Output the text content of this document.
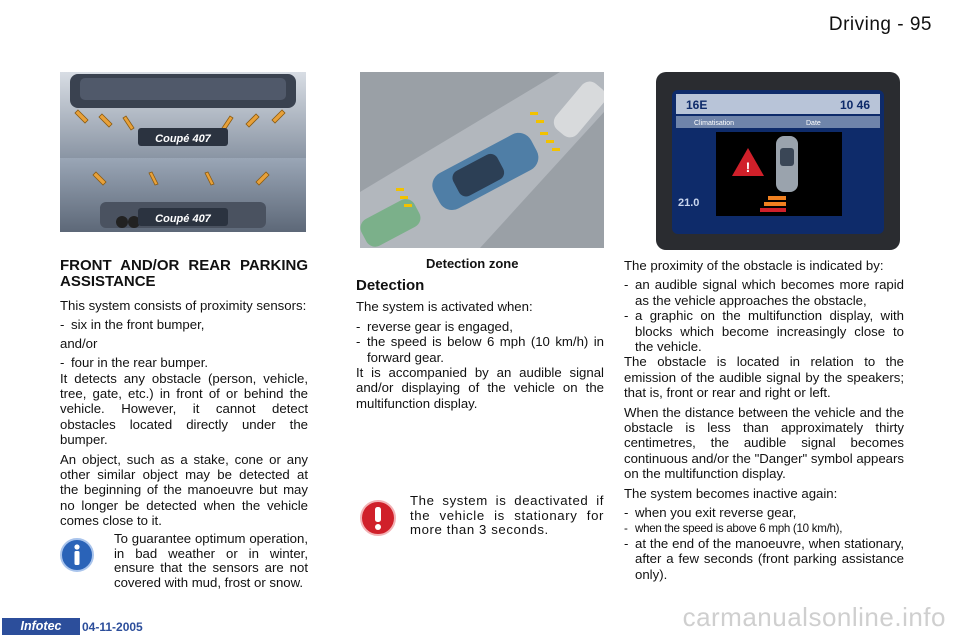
Driving - 95
Coupé 407
Coupé 407
Detection zone
16E	10 46
Climatisation	Date
!
21.0
FRONT AND/OR REAR PARKING ASSISTANCE

This system consists of proximity sensors:

- six in the front bumper,

and/or

- four in the rear bumper.

It detects any obstacle (person, vehicle, tree, gate, etc.) in front of or behind the vehicle. However, it cannot detect obstacles located directly under the bumper.

An object, such as a stake, cone or any other similar object may be detected at the beginning of the manoeuvre but may no longer be detected when the vehicle comes close to it.

To guarantee optimum operation, in bad weather or in winter, ensure that the sensors are not covered with mud, frost or snow.
Detection

The system is activated when:

- reverse gear is engaged,
- the speed is below 6 mph (10 km/h) in forward gear.

It is accompanied by an audible signal and/or displaying of the vehicle on the multifunction display.

The system is deactivated if the vehicle is stationary for more than 3 seconds.

The proximity of the obstacle is indicated by:

- an audible signal which becomes more rapid as the vehicle approaches the obstacle,
- a graphic on the multifunction display, with blocks which become increasingly close to the vehicle.

The obstacle is located in relation to the emission of the audible signal by the speakers; that is, front or rear and right or left.

When the distance between the vehicle and the obstacle is less than approximately thirty centimetres, the audible signal becomes continuous and/or the "Danger" symbol appears on the multifunction display.

The system becomes inactive again:

- when you exit reverse gear,
- when the speed is above 6 mph (10 km/h),
- at the end of the manoeuvre, when stationary, after a few seconds (front parking assistance only).
Infotec	04-11-2005	carmanualsonline.info
